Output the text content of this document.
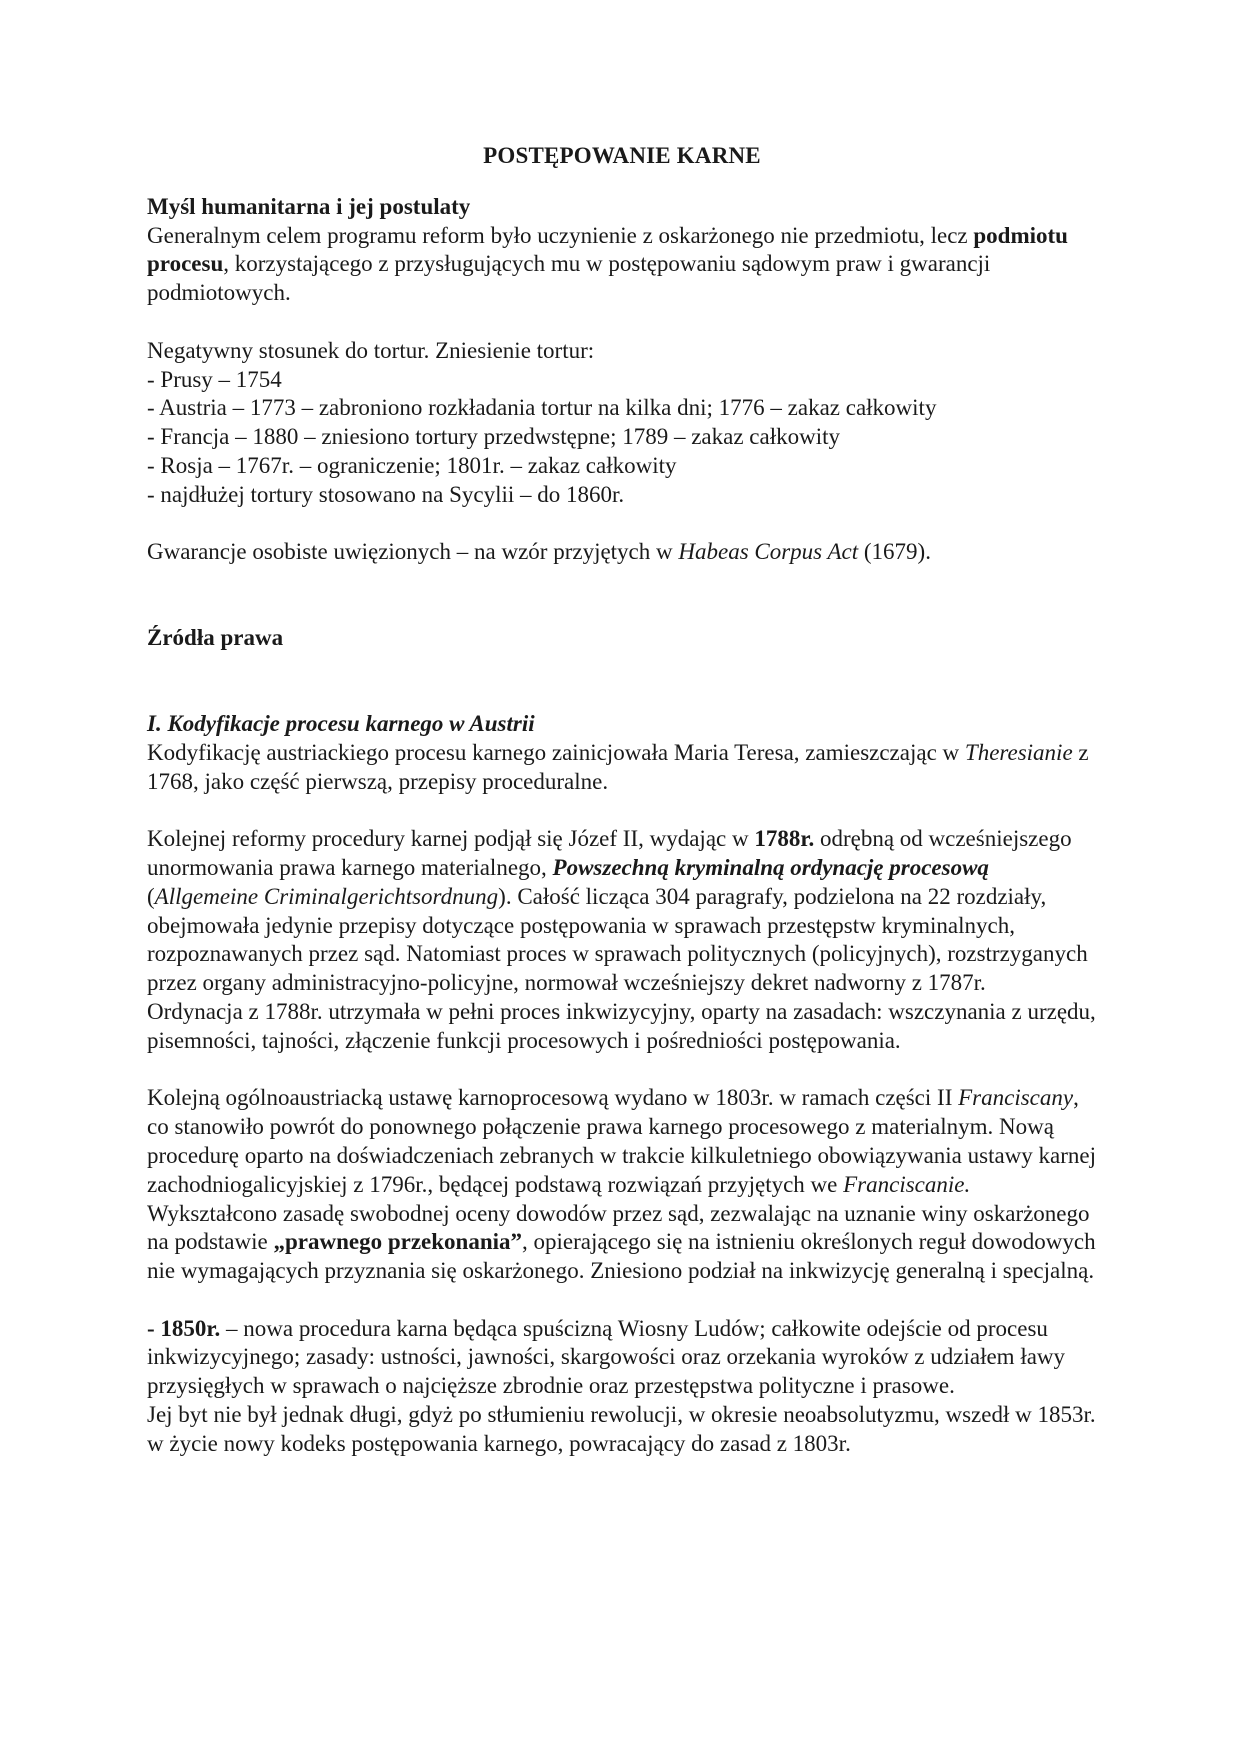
POSTĘPOWANIE KARNE

Myśl humanitarna i jej postulaty

Generalnym celem programu reform było uczynienie z oskarżonego nie przedmiotu, lecz podmiotu procesu, korzystającego z przysługujących mu w postępowaniu sądowym praw i gwarancji podmiotowych.

Negatywny stosunek do tortur. Zniesienie tortur:

- Prusy – 1754

- Austria – 1773 – zabroniono rozkładania tortur na kilka dni; 1776 – zakaz całkowity

- Francja – 1880 – zniesiono tortury przedwstępne; 1789 – zakaz całkowity

- Rosja – 1767r. – ograniczenie; 1801r. – zakaz całkowity

- najdłużej tortury stosowano na Sycylii – do 1860r.

Gwarancje osobiste uwięzionych – na wzór przyjętych w Habeas Corpus Act (1679).

Źródła prawa

I. Kodyfikacje procesu karnego w Austrii

Kodyfikację austriackiego procesu karnego zainicjowała Maria Teresa, zamieszczając w Theresianie z 1768, jako część pierwszą, przepisy proceduralne.

Kolejnej reformy procedury karnej podjął się Józef II, wydając w 1788r. odrębną od wcześniejszego unormowania prawa karnego materialnego, Powszechną kryminalną ordynację procesową (Allgemeine Criminalgerichtsordnung). Całość licząca 304 paragrafy, podzielona na 22 rozdziały, obejmowała jedynie przepisy dotyczące postępowania w sprawach przestępstw kryminalnych, rozpoznawanych przez sąd. Natomiast proces w sprawach politycznych (policyjnych), rozstrzyganych przez organy administracyjno-policyjne, normował wcześniejszy dekret nadworny z 1787r.

Ordynacja z 1788r. utrzymała w pełni proces inkwizycyjny, oparty na zasadach: wszczynania z urzędu, pisemności, tajności, złączenie funkcji procesowych i pośredniości postępowania.

Kolejną ogólnoaustriacką ustawę karnoprocesową wydano w 1803r. w ramach części II Franciscany, co stanowiło powrót do ponownego połączenie prawa karnego procesowego z materialnym. Nową procedurę oparto na doświadczeniach zebranych w trakcie kilkuletniego obowiązywania ustawy karnej zachodniogalicyjskiej z 1796r., będącej podstawą rozwiązań przyjętych we Franciscanie.

Wykształcono zasadę swobodnej oceny dowodów przez sąd, zezwalając na uznanie winy oskarżonego na podstawie „prawnego przekonania”, opierającego się na istnieniu określonych reguł dowodowych nie wymagających przyznania się oskarżonego. Zniesiono podział na inkwizycję generalną i specjalną.

- 1850r. – nowa procedura karna będąca spuścizną Wiosny Ludów; całkowite odejście od procesu inkwizycyjnego; zasady: ustności, jawności, skargowości oraz orzekania wyroków z udziałem ławy przysięgłych w sprawach o najcięższe zbrodnie oraz przestępstwa polityczne i prasowe.

Jej byt nie był jednak długi, gdyż po stłumieniu rewolucji, w okresie neoabsolutyzmu, wszedł w 1853r. w życie nowy kodeks postępowania karnego, powracający do zasad z 1803r.
